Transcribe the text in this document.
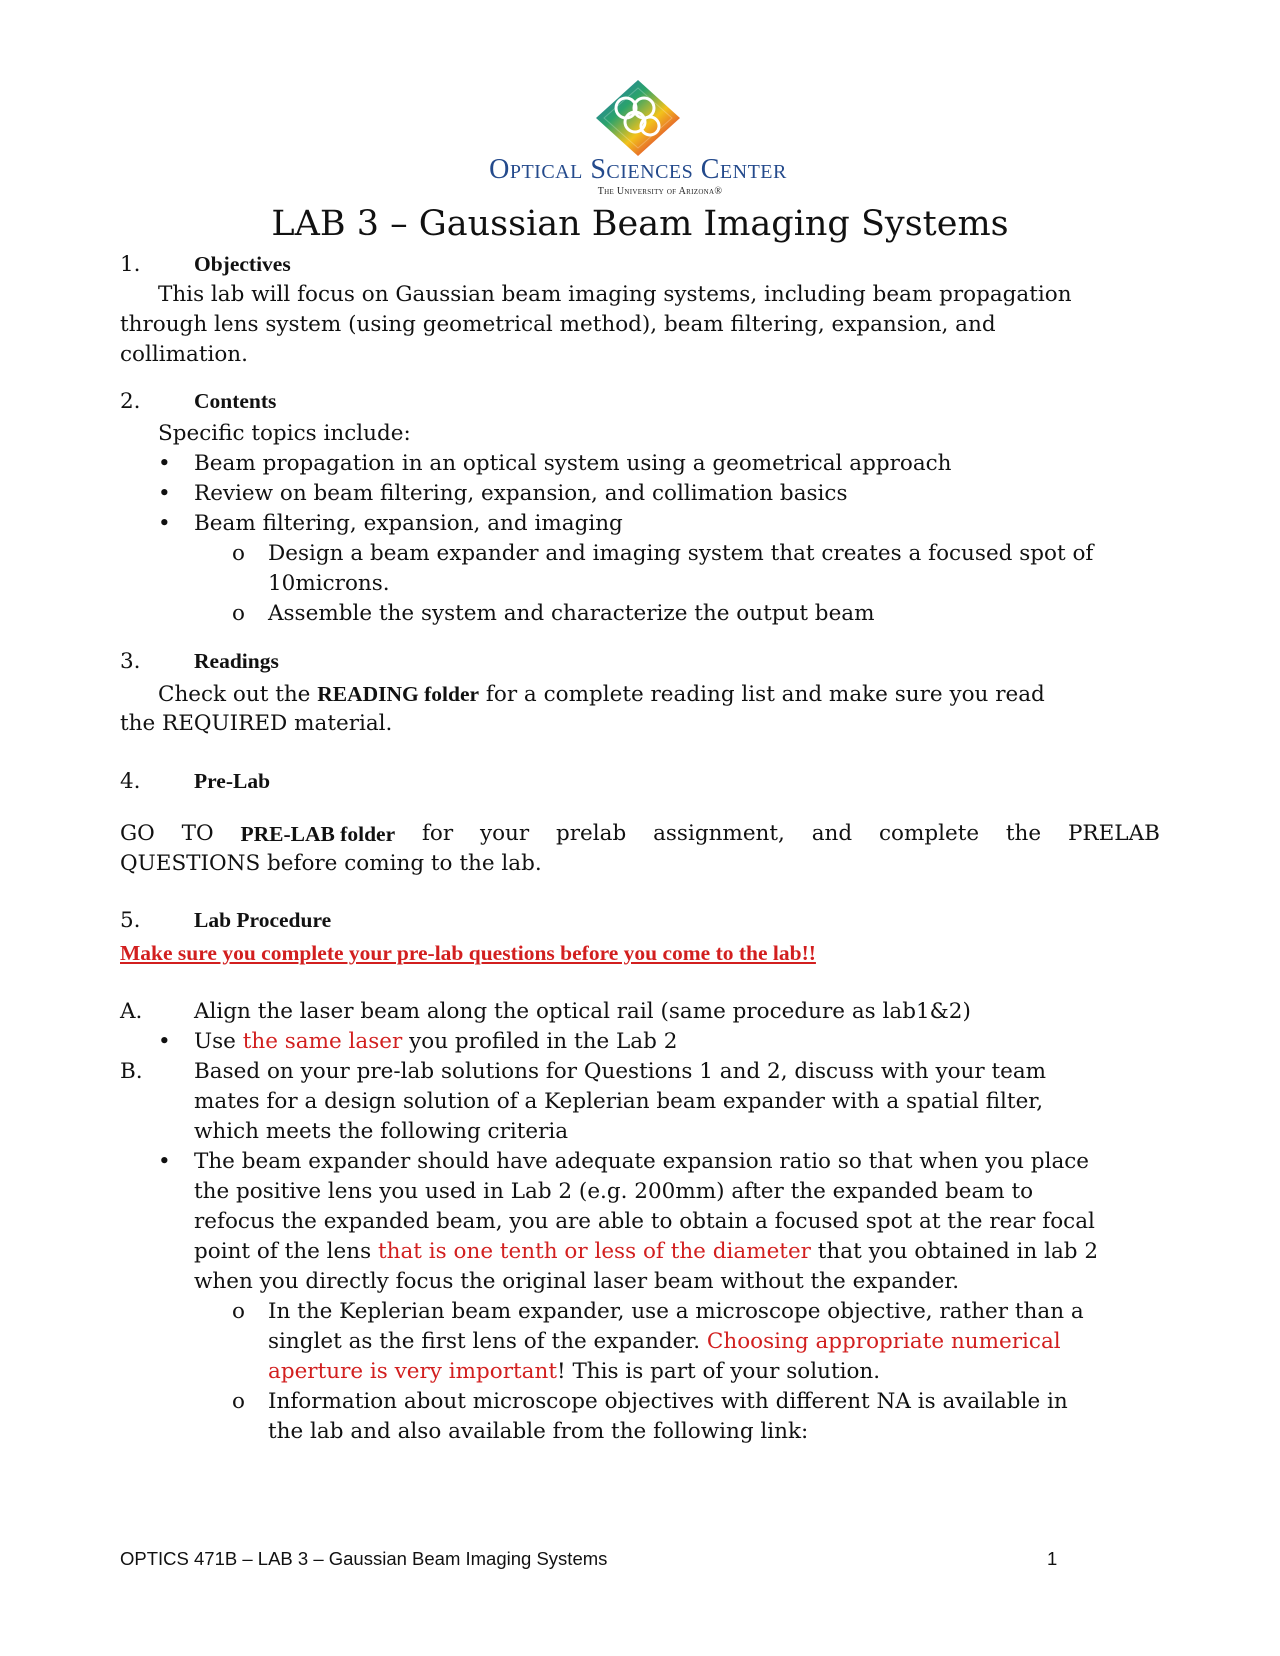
Optical Sciences Center
The University of Arizona®
LAB 3 – Gaussian Beam Imaging Systems
1. Objectives
This lab will focus on Gaussian beam imaging systems, including beam propagation
through lens system (using geometrical method), beam filtering, expansion, and
collimation.
2. Contents
Specific topics include:
• Beam propagation in an optical system using a geometrical approach
• Review on beam filtering, expansion, and collimation basics
• Beam filtering, expansion, and imaging
o Design a beam expander and imaging system that creates a focused spot of
10microns.
o Assemble the system and characterize the output beam
3. Readings
Check out the READING folder for a complete reading list and make sure you read
the REQUIRED material.
4. Pre-Lab
GO TO PRE-LAB folder for your prelab assignment, and complete the PRELAB
QUESTIONS before coming to the lab.
5. Lab Procedure
Make sure you complete your pre-lab questions before you come to the lab!!
A. Align the laser beam along the optical rail (same procedure as lab1&2)
• Use the same laser you profiled in the Lab 2
B. Based on your pre-lab solutions for Questions 1 and 2, discuss with your team
mates for a design solution of a Keplerian beam expander with a spatial filter,
which meets the following criteria
• The beam expander should have adequate expansion ratio so that when you place
the positive lens you used in Lab 2 (e.g. 200mm) after the expanded beam to
refocus the expanded beam, you are able to obtain a focused spot at the rear focal
point of the lens that is one tenth or less of the diameter that you obtained in lab 2
when you directly focus the original laser beam without the expander.
o In the Keplerian beam expander, use a microscope objective, rather than a
singlet as the first lens of the expander. Choosing appropriate numerical
aperture is very important! This is part of your solution.
o Information about microscope objectives with different NA is available in
the lab and also available from the following link:
OPTICS 471B – LAB 3 – Gaussian Beam Imaging Systems	1
